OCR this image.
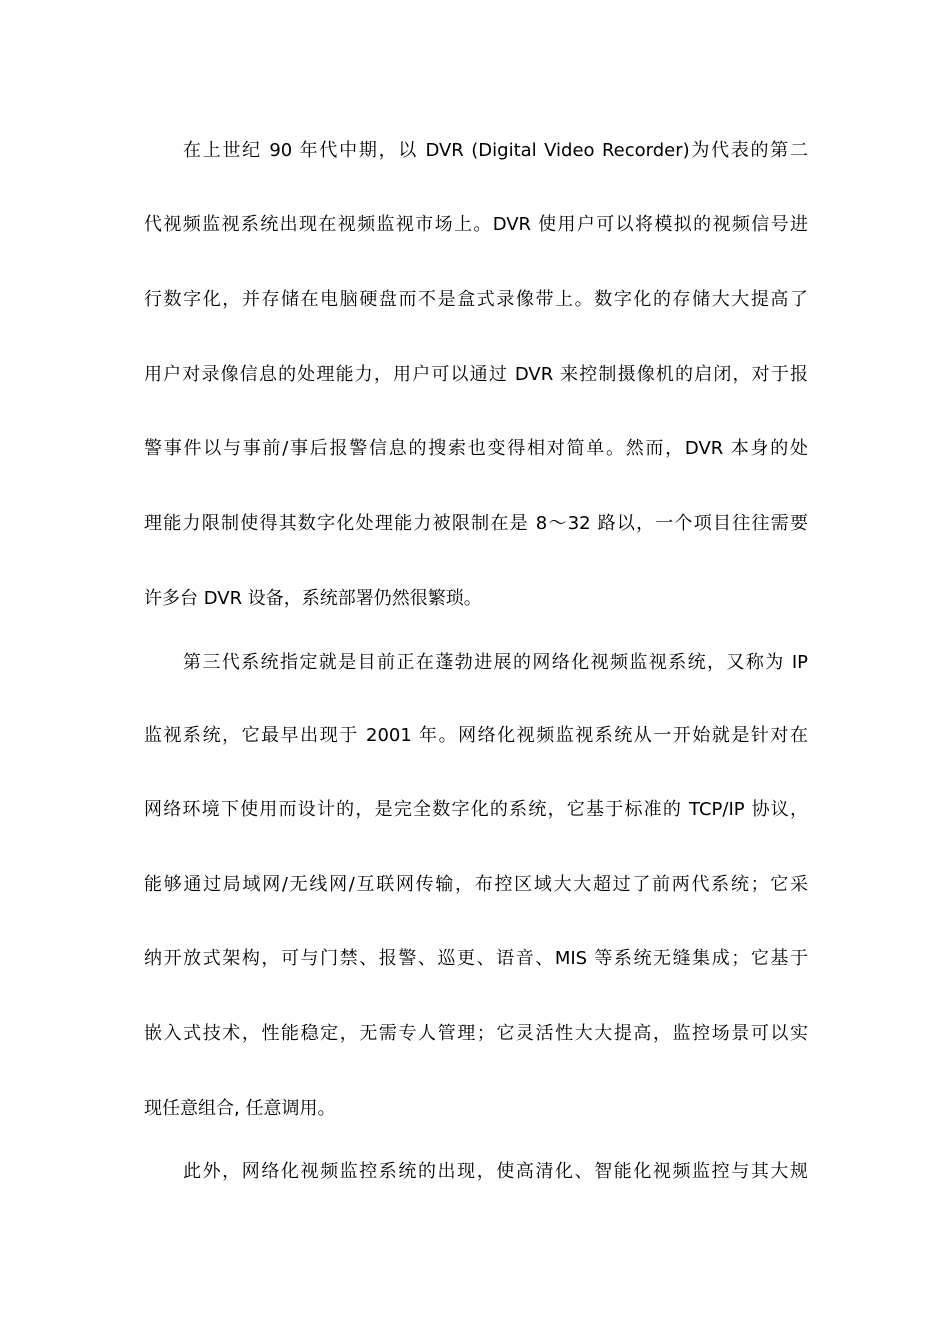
在上世纪 90 年代中期，以 DVR (Digital Video Recorder)为代表的第二
代视频监视系统出现在视频监视市场上。DVR 使用户可以将模拟的视频信号进
行数字化，并存储在电脑硬盘而不是盒式录像带上。数字化的存储大大提高了
用户对录像信息的处理能力，用户可以通过 DVR 来控制摄像机的启闭，对于报
警事件以与事前/事后报警信息的搜索也变得相对简单。然而，DVR 本身的处
理能力限制使得其数字化处理能力被限制在是 8～32 路以，一个项目往往需要
许多台 DVR 设备，系统部署仍然很繁琐。
第三代系统指定就是目前正在蓬勃进展的网络化视频监视系统，又称为 IP
监视系统，它最早出现于 2001 年。网络化视频监视系统从一开始就是针对在
网络环境下使用而设计的，是完全数字化的系统，它基于标准的 TCP/IP 协议，
能够通过局域网/无线网/互联网传输，布控区域大大超过了前两代系统；它采
纳开放式架构，可与门禁、报警、巡更、语音、MIS 等系统无缝集成；它基于
嵌入式技术，性能稳定，无需专人管理；它灵活性大大提高，监控场景可以实
现任意组合, 任意调用。
此外，网络化视频监控系统的出现，使高清化、智能化视频监控与其大规
